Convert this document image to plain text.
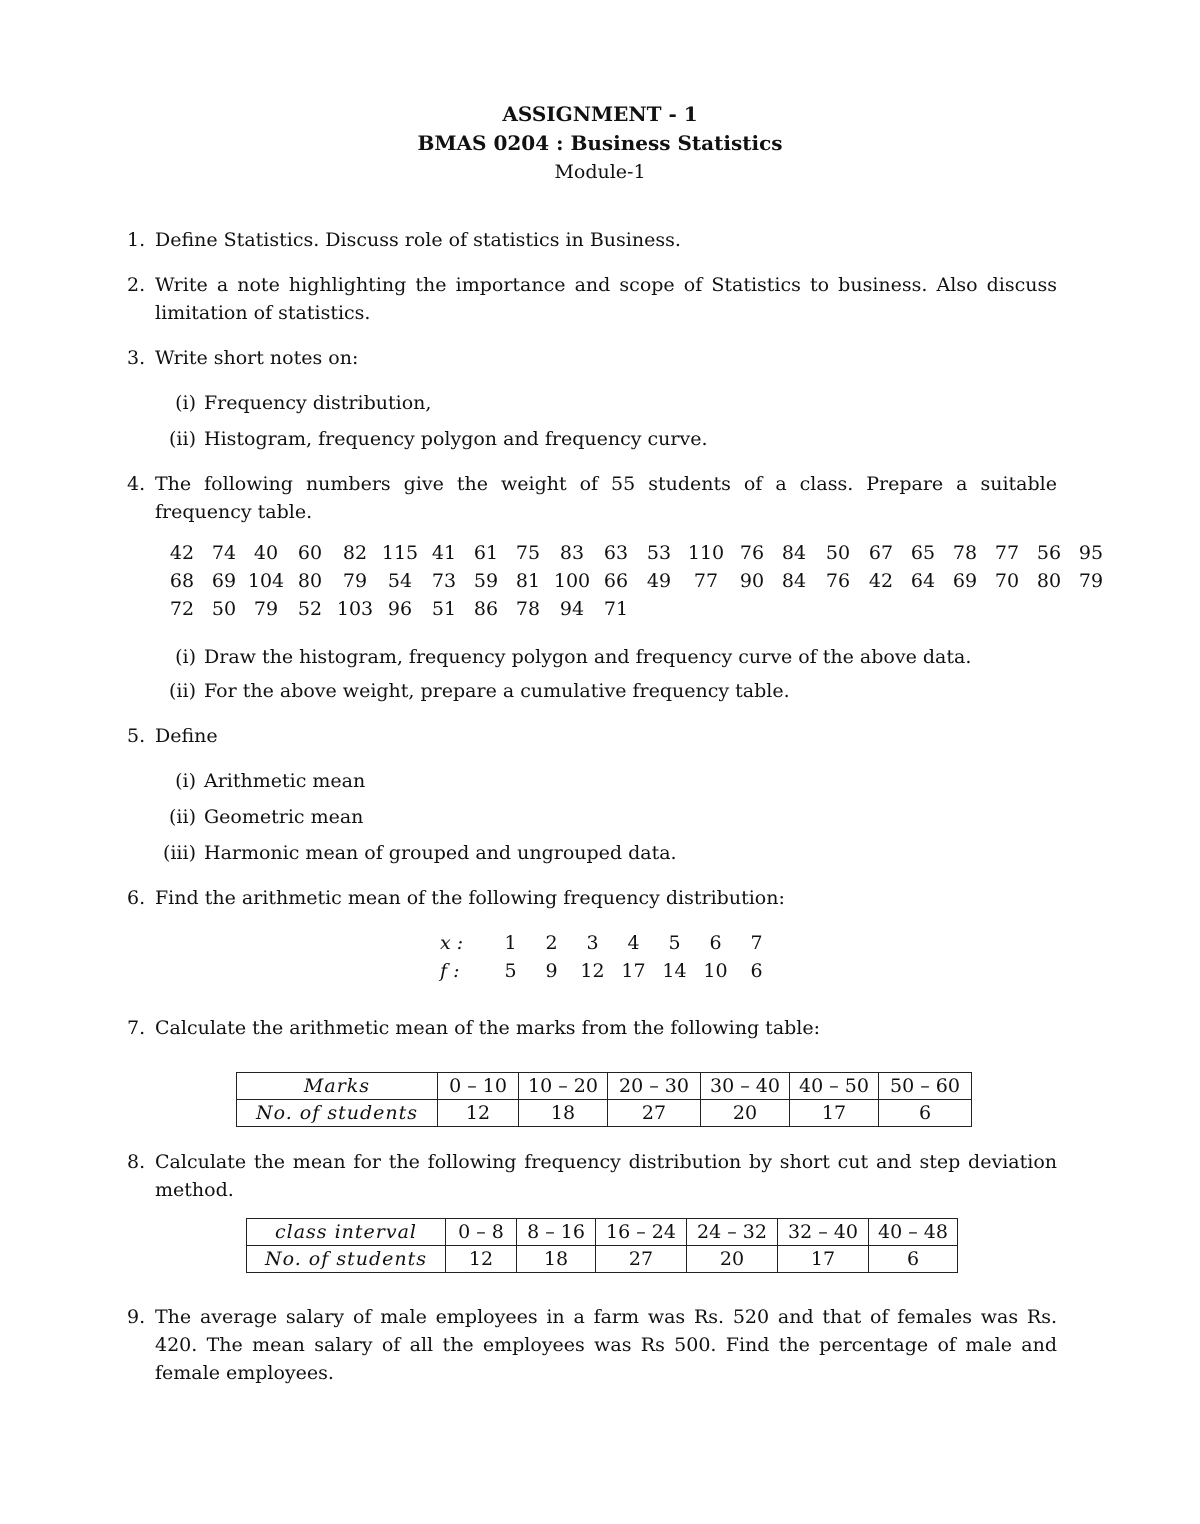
ASSIGNMENT - 1
BMAS 0204 : Business Statistics
Module-1
1. Define Statistics. Discuss role of statistics in Business.
2. Write a note highlighting the importance and scope of Statistics to business. Also discuss limitation of statistics.
3. Write short notes on:
(i) Frequency distribution,
(ii) Histogram, frequency polygon and frequency curve.
4. The following numbers give the weight of 55 students of a class. Prepare a suitable frequency table.
42 74 40	60	82 115 41 61 75	83	63 53 110 76 84	50 67 65 78 77 56 95
68 69 104 80	79	54	73 59 81 100 66 49	77	90 84	76 42 64 69 70 80 79
72 50 79	52 103 96	51 86 78	94	71
(i) Draw the histogram, frequency polygon and frequency curve of the above data.
(ii) For the above weight, prepare a cumulative frequency table.
5. Define
(i) Arithmetic mean
(ii) Geometric mean
(iii) Harmonic mean of grouped and ungrouped data.
6. Find the arithmetic mean of the following frequency distribution:
x :	1	2	3	4	5	6	7
f :	5	9	12 17 14 10	6
7. Calculate the arithmetic mean of the marks from the following table:
Marks	0 – 10	10 – 20	20 – 30	30 – 40	40 – 50	50 – 60
No. of students	12	18	27	20	17	6
8. Calculate the mean for the following frequency distribution by short cut and step deviation method.
class interval	0 – 8	8 – 16	16 – 24	24 – 32	32 – 40	40 – 48
No. of students	12	18	27	20	17	6
9. The average salary of male employees in a farm was Rs. 520 and that of females was Rs. 420. The mean salary of all the employees was Rs 500. Find the percentage of male and female employees.
